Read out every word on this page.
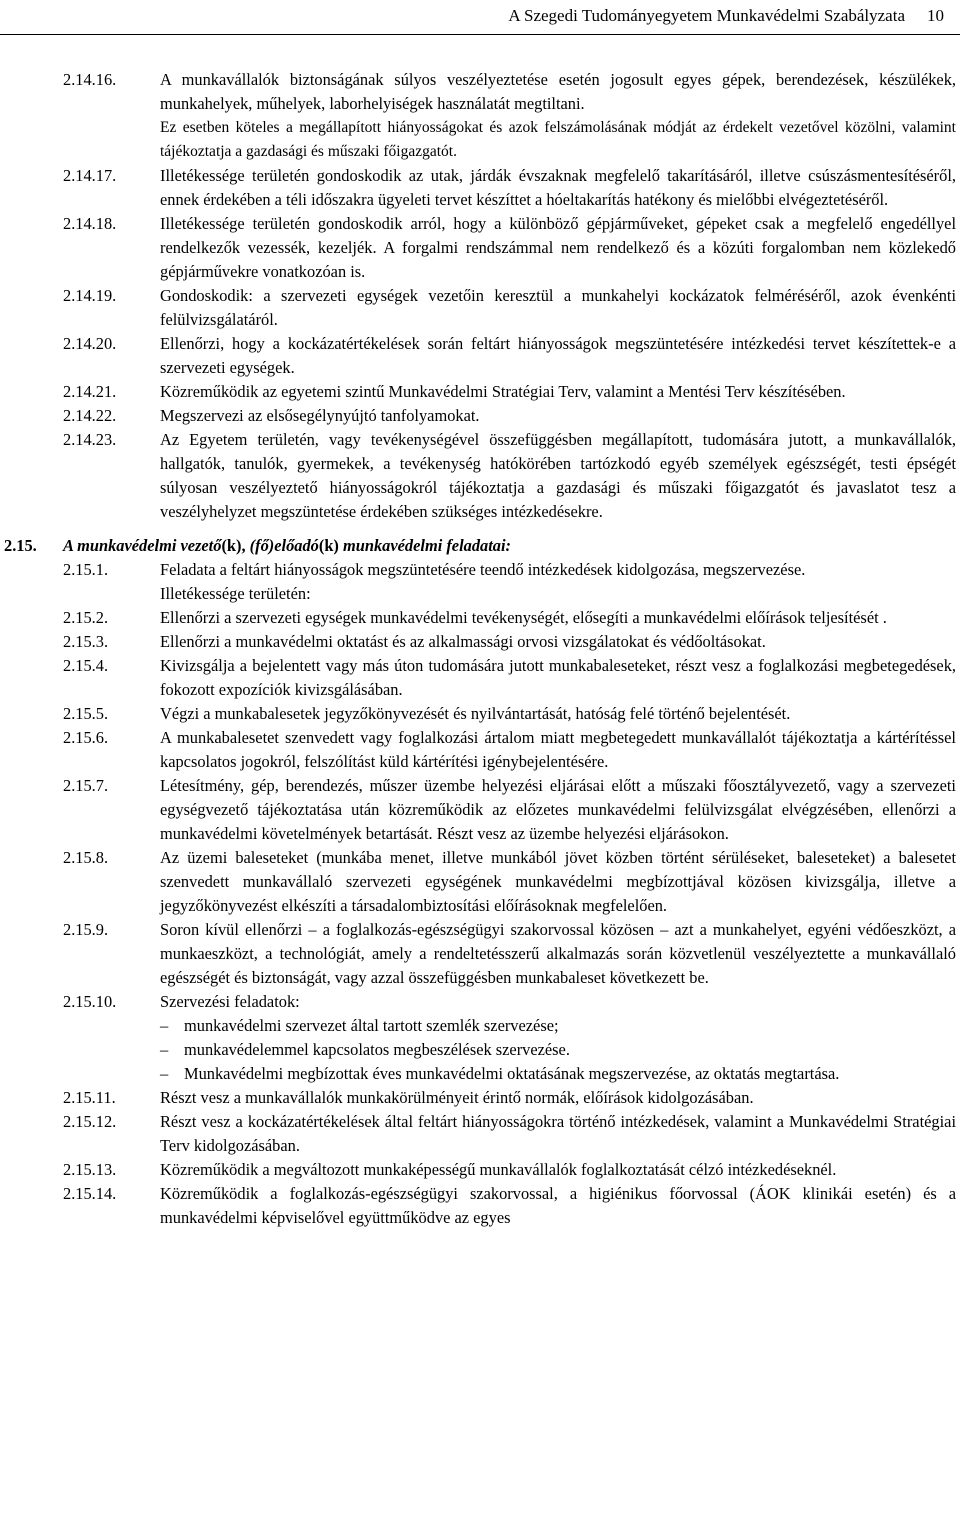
A Szegedi Tudományegyetem Munkavédelmi Szabályzata 10
2.14.16.	A munkavállalók biztonságának súlyos veszélyeztetése esetén jogosult egyes gépek, berendezések, készülékek, munkahelyek, műhelyek, laborhelyiségek használatát megtiltani.
Ez esetben köteles a megállapított hiányosságokat és azok felszámolásának módját az érdekelt vezetővel közölni, valamint tájékoztatja a gazdasági és műszaki főigazgatót.
2.14.17.	Illetékessége területén gondoskodik az utak, járdák évszaknak megfelelő takarításáról, illetve csúszásmentesítéséről, ennek érdekében a téli időszakra ügyeleti tervet készíttet a hóeltakarítás hatékony és mielőbbi elvégeztetéséről.
2.14.18.	Illetékessége területén gondoskodik arról, hogy a különböző gépjárműveket, gépeket csak a megfelelő engedéllyel rendelkezők vezessék, kezeljék. A forgalmi rendszámmal nem rendelkező és a közúti forgalomban nem közlekedő gépjárművekre vonatkozóan is.
2.14.19.	Gondoskodik: a szervezeti egységek vezetőin keresztül a munkahelyi kockázatok felméréséről, azok évenkénti felülvizsgálatáról.
2.14.20.	Ellenőrzi, hogy a kockázatértékelések során feltárt hiányosságok megszüntetésére intézkedési tervet készítettek-e a szervezeti egységek.
2.14.21.	Közreműködik az egyetemi szintű Munkavédelmi Stratégiai Terv, valamint a Mentési Terv készítésében.
2.14.22.	Megszervezi az elsősegélynyújtó tanfolyamokat.
2.14.23.	Az Egyetem területén, vagy tevékenységével összefüggésben megállapított, tudomására jutott, a munkavállalók, hallgatók, tanulók, gyermekek, a tevékenység hatókörében tartózkodó egyéb személyek egészségét, testi épségét súlyosan veszélyeztető hiányosságokról tájékoztatja a gazdasági és műszaki főigazgatót és javaslatot tesz a veszélyhelyzet megszüntetése érdekében szükséges intézkedésekre.
2.15. A munkavédelmi vezető(k), (fő)előadó(k) munkavédelmi feladatai:
2.15.1.	Feladata a feltárt hiányosságok megszüntetésére teendő intézkedések kidolgozása, megszervezése.
Illetékessége területén:
2.15.2.	Ellenőrzi a szervezeti egységek munkavédelmi tevékenységét, elősegíti a munkavédelmi előírások teljesítését .
2.15.3.	Ellenőrzi a munkavédelmi oktatást és az alkalmassági orvosi vizsgálatokat és védőoltásokat.
2.15.4.	Kivizsgálja a bejelentett vagy más úton tudomására jutott munkabaleseteket, részt vesz a foglalkozási megbetegedések, fokozott expozíciók kivizsgálásában.
2.15.5.	Végzi a munkabalesetek jegyzőkönyvezését és nyilvántartását, hatóság felé történő bejelentését.
2.15.6.	A munkabalesetet szenvedett vagy foglalkozási ártalom miatt megbetegedett munkavállalót tájékoztatja a kártérítéssel kapcsolatos jogokról, felszólítást küld kártérítési igénybejelentésére.
2.15.7.	Létesítmény, gép, berendezés, műszer üzembe helyezési eljárásai előtt a műszaki főosztályvezető, vagy a szervezeti egységvezető tájékoztatása után közreműködik az előzetes munkavédelmi felülvizsgálat elvégzésében, ellenőrzi a munkavédelmi követelmények betartását. Részt vesz az üzembe helyezési eljárásokon.
2.15.8.	Az üzemi baleseteket (munkába menet, illetve munkából jövet közben történt sérüléseket, baleseteket) a balesetet szenvedett munkavállaló szervezeti egységének munkavédelmi megbízottjával közösen kivizsgálja, illetve a jegyzőkönyvezést elkészíti a társadalombiztosítási előírásoknak megfelelően.
2.15.9.	Soron kívül ellenőrzi – a foglalkozás-egészségügyi szakorvossal közösen – azt a munkahelyet, egyéni védőeszközt, a munkaeszközt, a technológiát, amely a rendeltetésszerű alkalmazás során közvetlenül veszélyeztette a munkavállaló egészségét és biztonságát, vagy azzal összefüggésben munkabaleset következett be.
2.15.10.	Szervezési feladatok:
– munkavédelmi szervezet által tartott szemlék szervezése;
– munkavédelemmel kapcsolatos megbeszélések szervezése.
– Munkavédelmi megbízottak éves munkavédelmi oktatásának megszervezése, az oktatás megtartása.
2.15.11.	Részt vesz a munkavállalók munkakörülményeit érintő normák, előírások kidolgozásában.
2.15.12.	Részt vesz a kockázatértékelések által feltárt hiányosságokra történő intézkedések, valamint a Munkavédelmi Stratégiai Terv kidolgozásában.
2.15.13.	Közreműködik a megváltozott munkaképességű munkavállalók foglalkoztatását célzó intézkedéseknél.
2.15.14.	Közreműködik a foglalkozás-egészségügyi szakorvossal, a higiénikus főorvossal (ÁOK klinikái esetén) és a munkavédelmi képviselővel együttműködve az egyes
